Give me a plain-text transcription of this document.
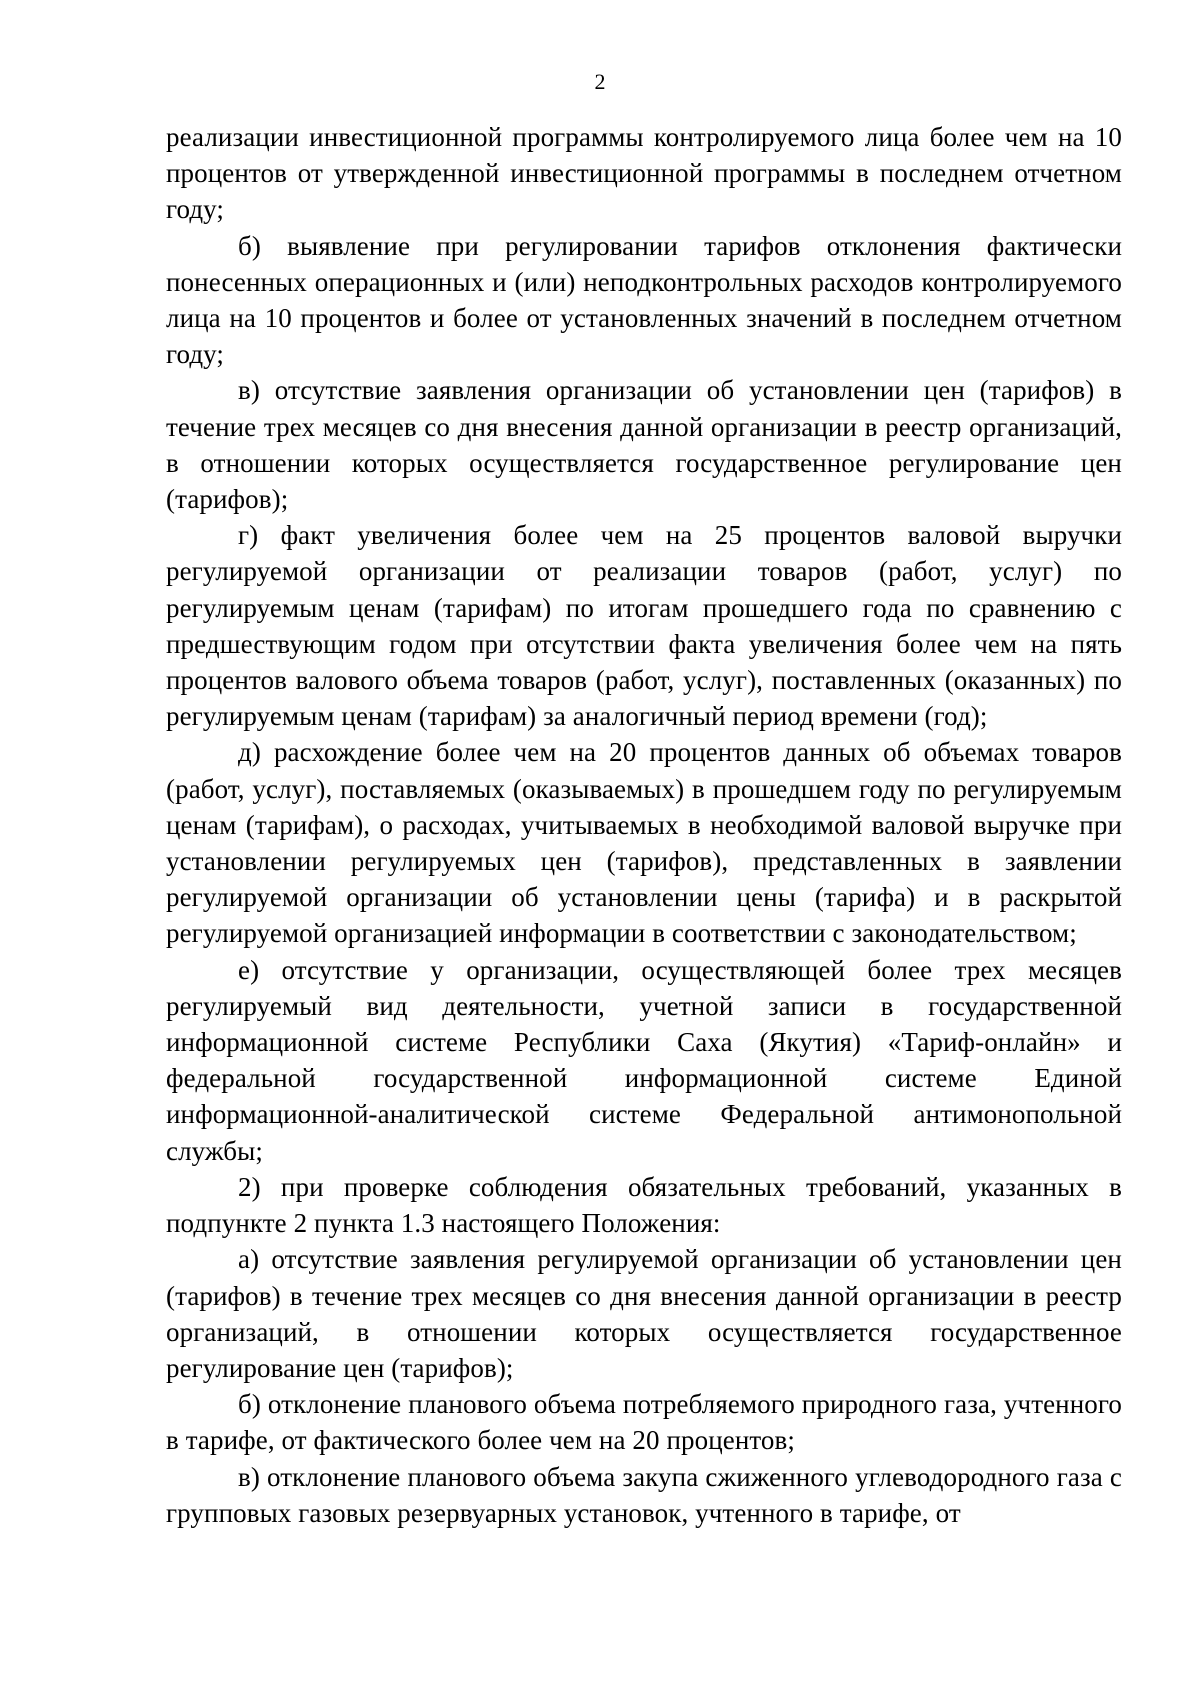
2

реализации инвестиционной программы контролируемого лица более чем на 10 процентов от утвержденной инвестиционной программы в последнем отчетном году;

б) выявление при регулировании тарифов отклонения фактически понесенных операционных и (или) неподконтрольных расходов контролируемого лица на 10 процентов и более от установленных значений в последнем отчетном году;

в) отсутствие заявления организации об установлении цен (тарифов) в течение трех месяцев со дня внесения данной организации в реестр организаций, в отношении которых осуществляется государственное регулирование цен (тарифов);

г) факт увеличения более чем на 25 процентов валовой выручки регулируемой организации от реализации товаров (работ, услуг) по регулируемым ценам (тарифам) по итогам прошедшего года по сравнению с предшествующим годом при отсутствии факта увеличения более чем на пять процентов валового объема товаров (работ, услуг), поставленных (оказанных) по регулируемым ценам (тарифам) за аналогичный период времени (год);

д) расхождение более чем на 20 процентов данных об объемах товаров (работ, услуг), поставляемых (оказываемых) в прошедшем году по регулируемым ценам (тарифам), о расходах, учитываемых в необходимой валовой выручке при установлении регулируемых цен (тарифов), представленных в заявлении регулируемой организации об установлении цены (тарифа) и в раскрытой регулируемой организацией информации в соответствии с законодательством;

е) отсутствие у организации, осуществляющей более трех месяцев регулируемый вид деятельности, учетной записи в государственной информационной системе Республики Саха (Якутия) «Тариф-онлайн» и федеральной государственной информационной системе Единой информационной-аналитической системе Федеральной антимонопольной службы;

2) при проверке соблюдения обязательных требований, указанных в подпункте 2 пункта 1.3 настоящего Положения:

а) отсутствие заявления регулируемой организации об установлении цен (тарифов) в течение трех месяцев со дня внесения данной организации в реестр организаций, в отношении которых осуществляется государственное регулирование цен (тарифов);

б) отклонение планового объема потребляемого природного газа, учтенного в тарифе, от фактического более чем на 20 процентов;

в) отклонение планового объема закупа сжиженного углеводородного газа с групповых газовых резервуарных установок, учтенного в тарифе, от
